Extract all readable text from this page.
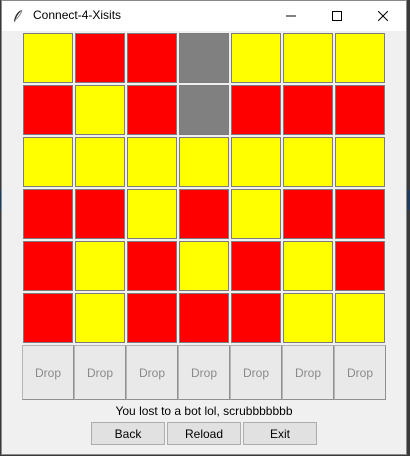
Connect-4-Xisits
Drop	Drop	Drop	Drop	Drop	Drop	Drop
You lost to a bot lol, scrubbbbbbb
Back	Reload	Exit
